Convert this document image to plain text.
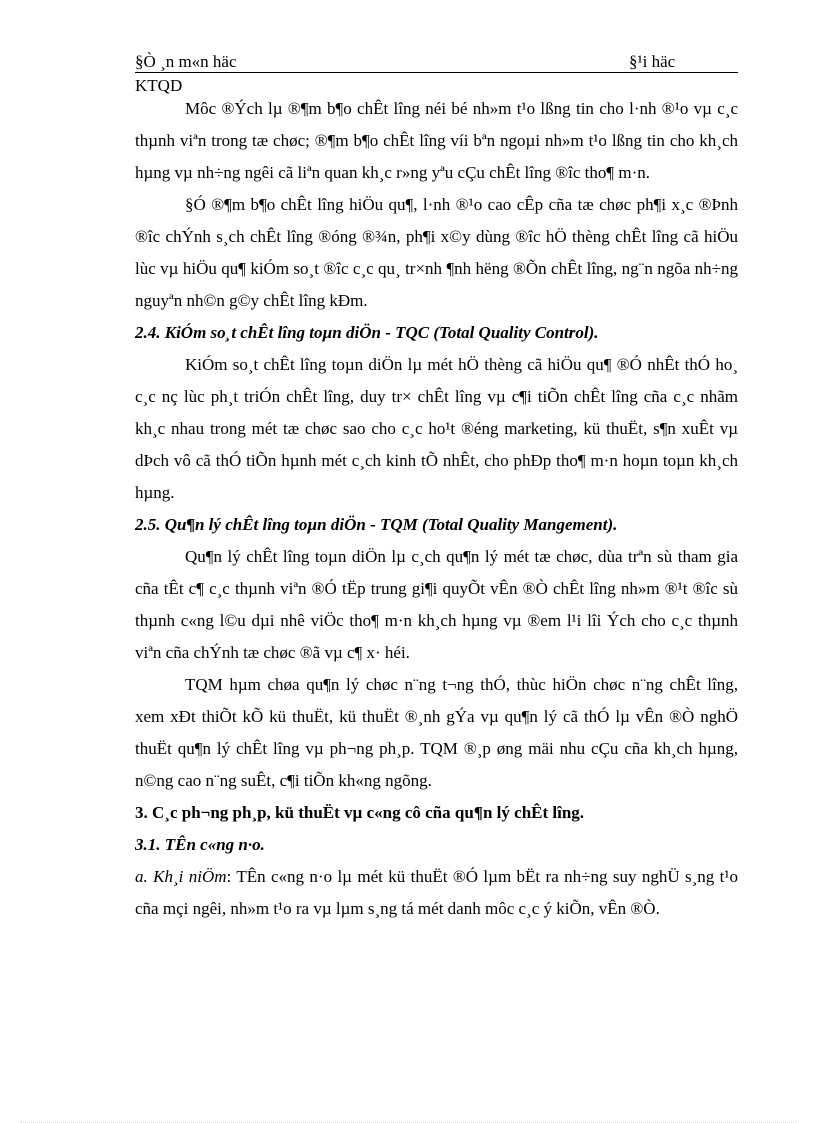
§Ò ¸n m«n häc	§¹i häc
KTQD

Môc ®Ých lµ ®¶m b¶o chÊt lîng néi bé nh»m t¹o lßng tin cho l·nh ®¹o vµ c¸c thµnh viªn trong tæ chøc; ®¶m b¶o chÊt lîng víi bªn ngoµi nh»m t¹o lßng tin cho kh¸ch hµng vµ nh÷ng ngêi cã liªn quan kh¸c r»ng yªu cÇu chÊt lîng ®îc tho¶ m·n.

§Ó ®¶m b¶o chÊt lîng hiÖu qu¶, l·nh ®¹o cao cÊp cña tæ chøc ph¶i x¸c ®Þnh ®îc chÝnh s¸ch chÊt lîng ®óng ®¾n, ph¶i x©y dùng ®îc hÖ thèng chÊt lîng cã hiÖu lùc vµ hiÖu qu¶ kiÓm so¸t ®îc c¸c qu¸ tr×nh ¶nh hëng ®Õn chÊt lîng, ng¨n ngõa nh÷ng nguyªn nh©n g©y chÊt lîng kÐm.

2.4. KiÓm so¸t chÊt lîng toµn diÖn - TQC (Total Quality Control).

KiÓm so¸t chÊt lîng toµn diÖn lµ mét hÖ thèng cã hiÖu qu¶ ®Ó nhÊt thÓ ho¸ c¸c nç lùc ph¸t triÓn chÊt lîng, duy tr× chÊt lîng vµ c¶i tiÕn chÊt lîng cña c¸c nhãm kh¸c nhau trong mét tæ chøc sao cho c¸c ho¹t ®éng marketing, kü thuËt, s¶n xuÊt vµ dÞch vô cã thÓ tiÕn hµnh mét c¸ch kinh tÕ nhÊt, cho phÐp tho¶ m·n hoµn toµn kh¸ch hµng.

2.5. Qu¶n lý chÊt lîng toµn diÖn - TQM (Total Quality Mangement).

Qu¶n lý chÊt lîng toµn diÖn lµ c¸ch qu¶n lý mét tæ chøc, dùa trªn sù tham gia cña tÊt c¶ c¸c thµnh viªn ®Ó tËp trung gi¶i quyÕt vÊn ®Ò chÊt lîng nh»m ®¹t ®îc sù thµnh c«ng l©u dµi nhê viÖc tho¶ m·n kh¸ch hµng vµ ®em l¹i lîi Ých cho c¸c thµnh viªn cña chÝnh tæ chøc ®ã vµ c¶ x· héi.

TQM hµm chøa qu¶n lý chøc n¨ng t¬ng thÓ, thùc hiÖn chøc n¨ng chÊt lîng, xem xÐt thiÕt kÕ kü thuËt, kü thuËt ®¸nh gÝa vµ qu¶n lý cã thÓ lµ vÊn ®Ò nghÖ thuËt qu¶n lý chÊt lîng vµ ph¬ng ph¸p. TQM ®¸p øng mäi nhu cÇu cña kh¸ch hµng, n©ng cao n¨ng suÊt, c¶i tiÕn kh«ng ngõng.

3. C¸c ph¬ng ph¸p, kü thuËt vµ c«ng cô cña qu¶n lý chÊt lîng.

3.1. TÊn c«ng n·o.

a. Kh¸i niÖm: TÊn c«ng n·o lµ mét kü thuËt ®Ó lµm bËt ra nh÷ng suy nghÜ s¸ng t¹o cña mçi ngêi, nh»m t¹o ra vµ lµm s¸ng tá mét danh môc c¸c ý kiÕn, vÊn ®Ò.
